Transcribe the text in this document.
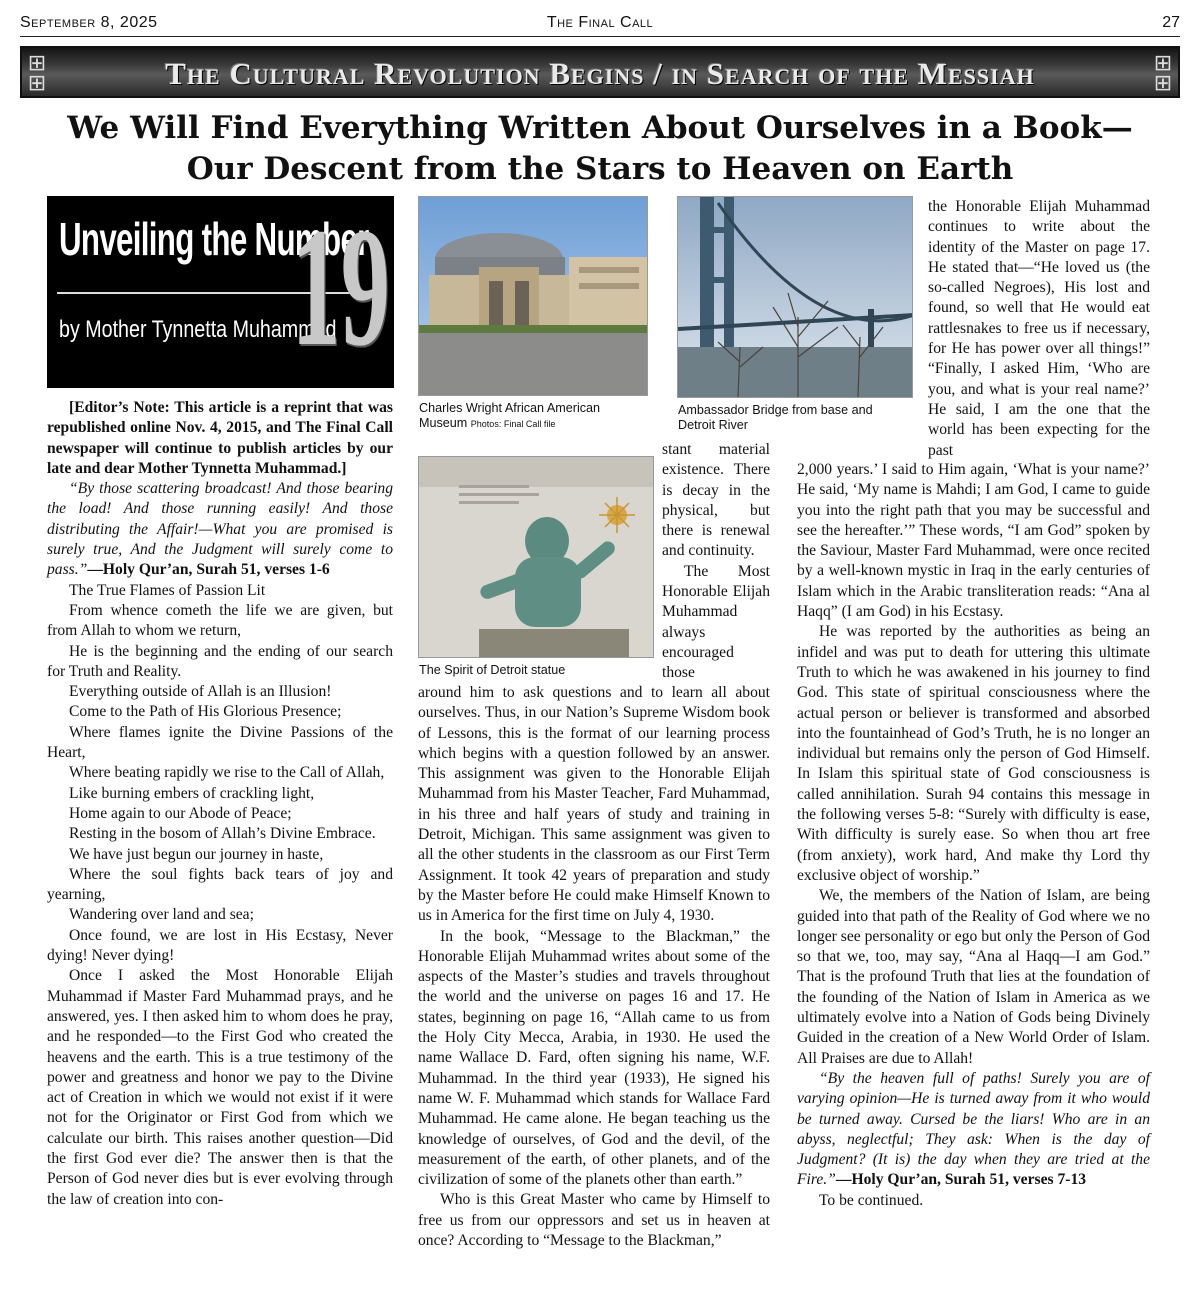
September 8, 2025	The Final Call	27
⊞
⊞	The Cultural Revolution Begins / in Search of the Messiah	⊞
⊞
We Will Find Everything Written About Ourselves in a Book—
Our Descent from the Stars to Heaven on Earth
Unveiling the Number
by Mother Tynnetta Muhammad
19
Charles Wright African American Museum Photos: Final Call file
Ambassador Bridge from base and Detroit River
The Spirit of Detroit statue

[Editor’s Note: This article is a reprint that was republished online Nov. 4, 2015, and The Final Call newspaper will continue to publish articles by our late and dear Mother Tynnetta Muhammad.]

“By those scattering broadcast! And those bearing the load! And those running easily! And those distributing the Affair!—What you are promised is surely true, And the Judgment will surely come to pass.”—Holy Qur’an, Surah 51, verses 1-6

The True Flames of Passion Lit

From whence cometh the life we are given, but from Allah to whom we return,

He is the beginning and the ending of our search for Truth and Reality.

Everything outside of Allah is an Illusion!

Come to the Path of His Glorious Presence;

Where flames ignite the Divine Passions of the Heart,

Where beating rapidly we rise to the Call of Allah,

Like burning embers of crackling light,

Home again to our Abode of Peace;

Resting in the bosom of Allah’s Divine Embrace.

We have just begun our journey in haste,

Where the soul fights back tears of joy and yearning,

Wandering over land and sea;

Once found, we are lost in His Ecstasy, Never dying! Never dying!

Once I asked the Most Honorable Elijah Muhammad if Master Fard Muhammad prays, and he answered, yes. I then asked him to whom does he pray, and he responded—to the First God who created the heavens and the earth. This is a true testimony of the power and greatness and honor we pay to the Divine act of Creation in which we would not exist if it were not for the Originator or First God from which we calculate our birth. This raises another question—Did the first God ever die? The answer then is that the Person of God never dies but is ever evolving through the law of creation into con-

stant material existence. There is decay in the physical, but there is renewal and continuity.

The Most Honorable Elijah Muhammad always encouraged those

around him to ask questions and to learn all about ourselves. Thus, in our Nation’s Supreme Wisdom book of Lessons, this is the format of our learning process which begins with a question followed by an answer. This assignment was given to the Honorable Elijah Muhammad from his Master Teacher, Fard Muhammad, in his three and half years of study and training in Detroit, Michigan. This same assignment was given to all the other students in the classroom as our First Term Assignment. It took 42 years of preparation and study by the Master before He could make Himself Known to us in America for the first time on July 4, 1930.

In the book, “Message to the Blackman,” the Honorable Elijah Muhammad writes about some of the aspects of the Master’s studies and travels throughout the world and the universe on pages 16 and 17. He states, beginning on page 16, “Allah came to us from the Holy City Mecca, Arabia, in 1930. He used the name Wallace D. Fard, often signing his name, W.F. Muhammad. In the third year (1933), He signed his name W. F. Muhammad which stands for Wallace Fard Muhammad. He came alone. He began teaching us the knowledge of ourselves, of God and the devil, of the measurement of the earth, of other planets, and of the civilization of some of the planets other than earth.”

Who is this Great Master who came by Himself to free us from our oppressors and set us in heaven at once? According to “Message to the Blackman,”

the Honorable Elijah Muhammad continues to write about the identity of the Master on page 17. He stated that—“He loved us (the so-called Negroes), His lost and found, so well that He would eat rattlesnakes to free us if necessary, for He has power over all things!” “Finally, I asked Him, ‘Who are you, and what is your real name?’ He said, I am the one that the world has been expecting for the past

2,000 years.’ I said to Him again, ‘What is your name?’ He said, ‘My name is Mahdi; I am God, I came to guide you into the right path that you may be successful and see the hereafter.’” These words, “I am God” spoken by the Saviour, Master Fard Muhammad, were once recited by a well-known mystic in Iraq in the early centuries of Islam which in the Arabic transliteration reads: “Ana al Haqq” (I am God) in his Ecstasy.

He was reported by the authorities as being an infidel and was put to death for uttering this ultimate Truth to which he was awakened in his journey to find God. This state of spiritual consciousness where the actual person or believer is transformed and absorbed into the fountainhead of God’s Truth, he is no longer an individual but remains only the person of God Himself. In Islam this spiritual state of God consciousness is called annihilation. Surah 94 contains this message in the following verses 5-8: “Surely with difficulty is ease, With difficulty is surely ease. So when thou art free (from anxiety), work hard, And make thy Lord thy exclusive object of worship.”

We, the members of the Nation of Islam, are being guided into that path of the Reality of God where we no longer see personality or ego but only the Person of God so that we, too, may say, “Ana al Haqq—I am God.” That is the profound Truth that lies at the foundation of the founding of the Nation of Islam in America as we ultimately evolve into a Nation of Gods being Divinely Guided in the creation of a New World Order of Islam. All Praises are due to Allah!

“By the heaven full of paths! Surely you are of varying opinion—He is turned away from it who would be turned away. Cursed be the liars! Who are in an abyss, neglectful; They ask: When is the day of Judgment? (It is) the day when they are tried at the Fire.”—Holy Qur’an, Surah 51, verses 7-13

To be continued.
